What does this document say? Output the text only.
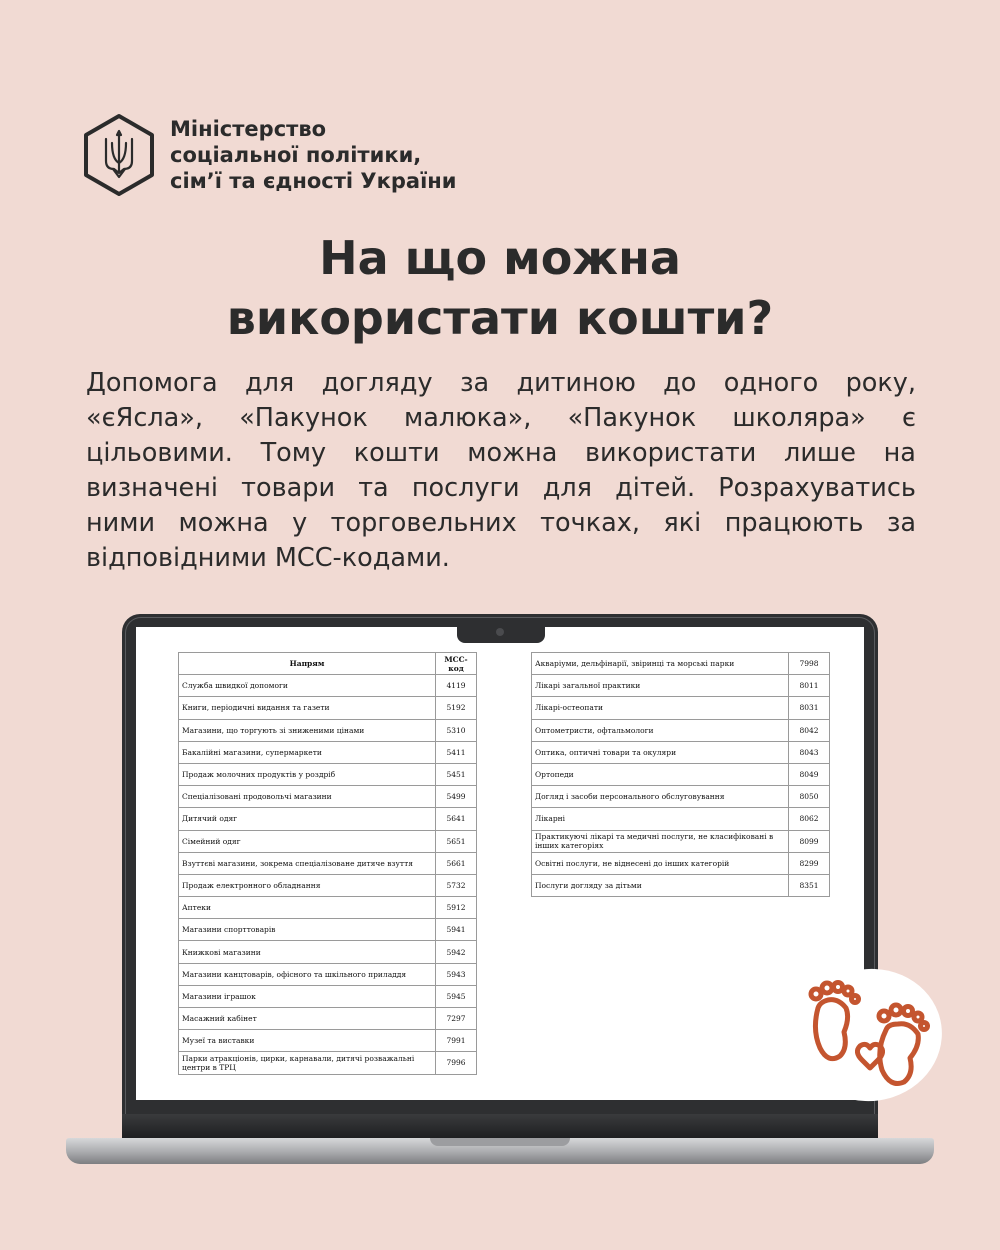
Міністерство
соціальної політики,
сім’ї та єдності України
На що можна
використати кошти?
Допомога для догляду за дитиною до одного року,
«єЯсла», «Пакунок малюка», «Пакунок школяра» є
цільовими. Тому кошти можна використати лише на
визначені товари та послуги для дітей. Розрахуватись
ними можна у торговельних точках, які працюють за
відповідними МСС-кодами.
Напрям	МСС-код
Служба швидкої допомоги	4119
Книги, періодичні видання та газети	5192
Магазини, що торгують зі зниженими цінами	5310
Бакалійні магазини, супермаркети	5411
Продаж молочних продуктів у роздріб	5451
Спеціалізовані продовольчі магазини	5499
Дитячий одяг	5641
Сімейний одяг	5651
Взуттєві магазини, зокрема спеціалізоване дитяче взуття	5661
Продаж електронного обладнання	5732
Аптеки	5912
Магазини спорттоварів	5941
Книжкові магазини	5942
Магазини канцтоварів, офісного та шкільного приладдя	5943
Магазини іграшок	5945
Масажний кабінет	7297
Музеї та виставки	7991
Парки атракціонів, цирки, карнавали, дитячі розважальні центри в ТРЦ	7996
Акваріуми, дельфінарії, звіринці та морські парки	7998
Лікарі загальної практики	8011
Лікарі-остеопати	8031
Оптометристи, офтальмологи	8042
Оптика, оптичні товари та окуляри	8043
Ортопеди	8049
Догляд і засоби персонального обслуговування	8050
Лікарні	8062
Практикуючі лікарі та медичні послуги, не класифіковані в інших категоріях	8099
Освітні послуги, не віднесені до інших категорій	8299
Послуги догляду за дітьми	8351
